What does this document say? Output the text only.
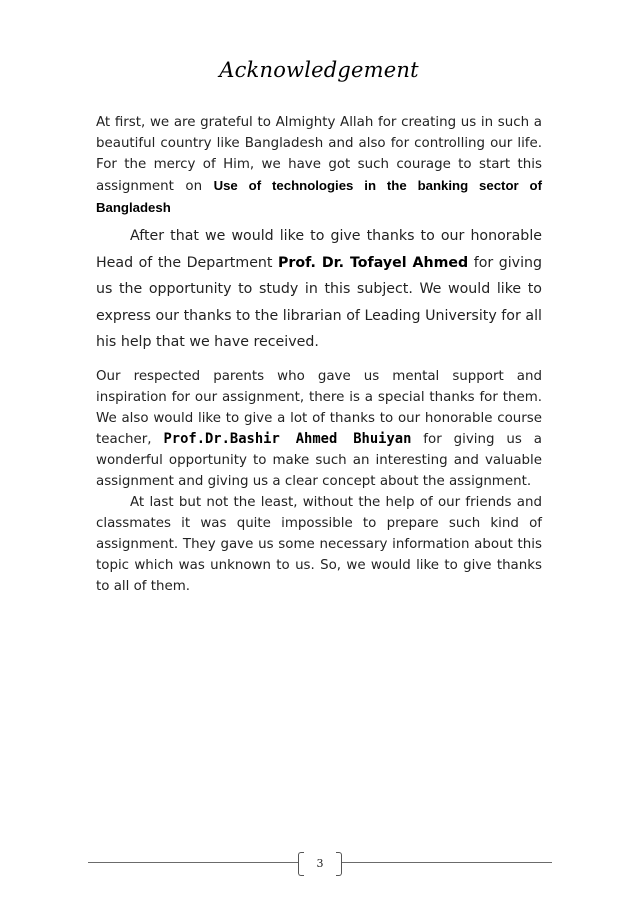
Acknowledgement

At first, we are grateful to Almighty Allah for creating us in such a beautiful country like Bangladesh and also for controlling our life. For the mercy of Him, we have got such courage to start this assignment on Use of technologies in the banking sector of Bangladesh

After that we would like to give thanks to our honorable Head of the Department Prof. Dr. Tofayel Ahmed for giving us the opportunity to study in this subject. We would like to express our thanks to the librarian of Leading University for all his help that we have received.

Our respected parents who gave us mental support and inspiration for our assignment, there is a special thanks for them. We also would like to give a lot of thanks to our honorable course teacher, Prof.Dr.Bashir Ahmed Bhuiyan for giving us a wonderful opportunity to make such an interesting and valuable assignment and giving us a clear concept about the assignment.

At last but not the least, without the help of our friends and classmates it was quite impossible to prepare such kind of assignment. They gave us some necessary information about this topic which was unknown to us. So, we would like to give thanks to all of them.

3
